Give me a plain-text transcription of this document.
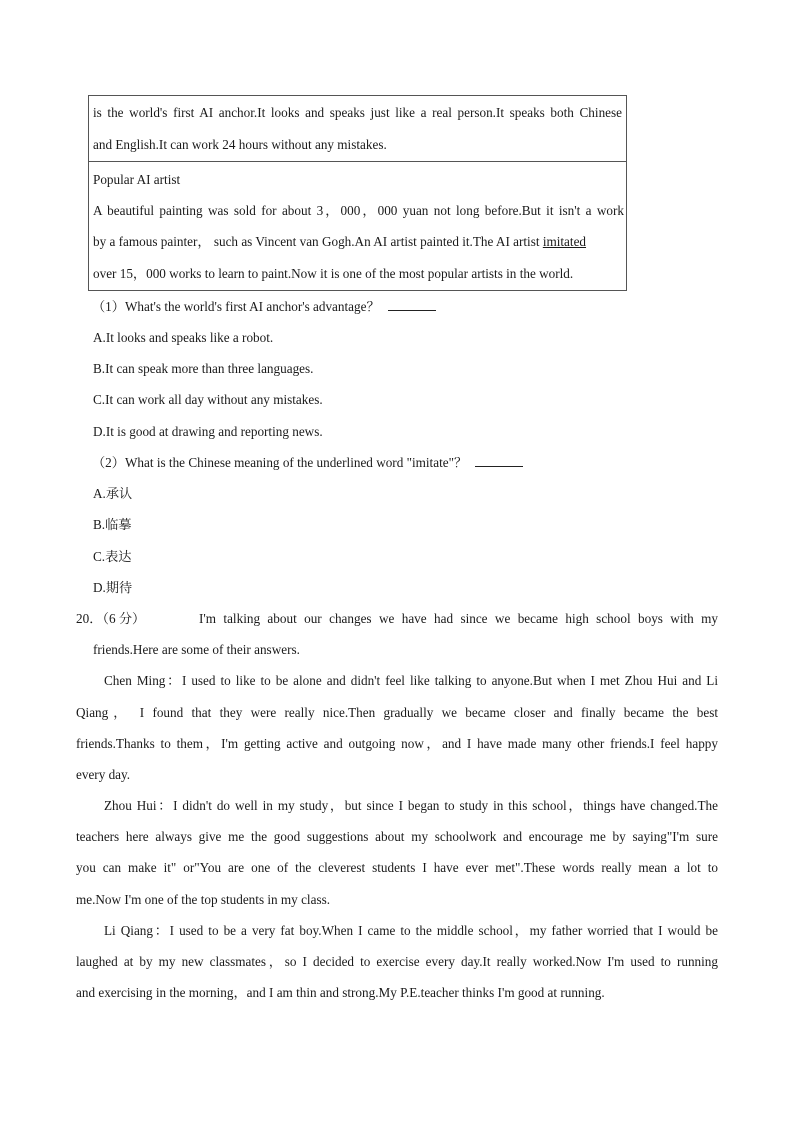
is the world's first AI anchor.It looks and speaks just like a real person.It speaks both Chinese
and English.It can work 24 hours without any mistakes.
Popular AI artist
A beautiful painting was sold for about 3，000，000 yuan not long before.But it isn't a work
by a famous painter， such as Vincent van Gogh.An AI artist painted it.The AI artist imitated
over 15，000 works to learn to paint.Now it is one of the most popular artists in the world.
（1）What's the world's first AI anchor's advantage？
A.It looks and speaks like a robot.
B.It can speak more than three languages.
C.It can work all day without any mistakes.
D.It is good at drawing and reporting news.
（2）What is the Chinese meaning of the underlined word "imitate"？
A.承认
B.临摹
C.表达
D.期待
20．（6 分）	I'm talking about our changes we have had since we became high school boys with my
friends.Here are some of their answers.
Chen Ming：I used to like to be alone and didn't feel like talking to anyone.But when I met Zhou Hui and Li
Qiang， I found that they were really nice.Then gradually we became closer and finally became the best
friends.Thanks to them，I'm getting active and outgoing now，and I have made many other friends.I feel happy
every day.
Zhou Hui：I didn't do well in my study，but since I began to study in this school，things have changed.The
teachers here always give me the good suggestions about my schoolwork and encourage me by saying"I'm sure
you can make it" or"You are one of the cleverest students I have ever met".These words really mean a lot to
me.Now I'm one of the top students in my class.
Li Qiang：I used to be a very fat boy.When I came to the middle school，my father worried that I would be
laughed at by my new classmates，so I decided to exercise every day.It really worked.Now I'm used to running
and exercising in the morning，and I am thin and strong.My P.E.teacher thinks I'm good at running.
